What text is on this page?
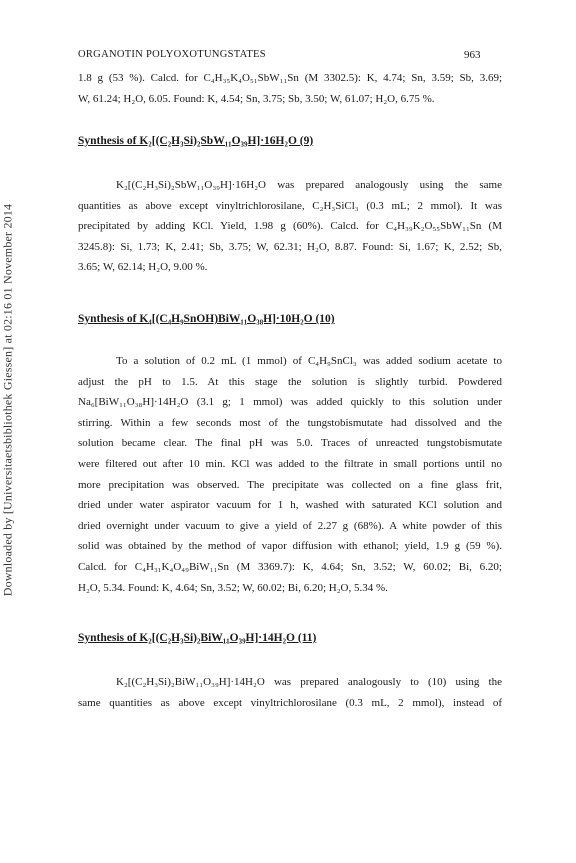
Downloaded by [Universitaetsbibliothek Giessen] at 02:16 01 November 2014
ORGANOTIN POLYOXOTUNGSTATES	963

1.8 g (53 %). Calcd. for C₄H₃₅K₄O₅₁SbW₁₁Sn (M 3302.5): K, 4.74; Sn, 3.59; Sb, 3.69;
W, 61.24; H₂O, 6.05. Found: K, 4.54; Sn, 3.75; Sb, 3.50; W, 61.07; H₂O, 6.75 %.

Synthesis of K₂[(C₂H₃Si)₂SbW₁₁O₃₉H]·16H₂O (9)

K₂[(C₂H₃Si)₂SbW₁₁O₃₉H]·16H₂O was prepared analogously using the same
quantities as above except vinyltrichlorosilane, C₂H₃SiCl₃ (0.3 mL; 2 mmol). It was
precipitated by adding KCl. Yield, 1.98 g (60%). Calcd. for C₄H₃₉K₂O₅₅SbW₁₁Sn (M
3245.8): Si, 1.73; K, 2.41; Sb, 3.75; W, 62.31; H₂O, 8.87. Found: Si, 1.67; K, 2.52; Sb,
3.65; W, 62.14; H₂O, 9.00 %.

Synthesis of K₄[(C₄H₉SnOH)BiW₁₁O₃₈H]·10H₂O (10)

To a solution of 0.2 mL (1 mmol) of C₄H₉SnCl₃ was added sodium acetate to
adjust the pH to 1.5. At this stage the solution is slightly turbid. Powdered
Na₆[BiW₁₁O₃₈H]·14H₂O (3.1 g; 1 mmol) was added quickly to this solution under
stirring. Within a few seconds most of the tungstobismutate had dissolved and the
solution became clear. The final pH was 5.0. Traces of unreacted tungstobismutate
were filtered out after 10 min. KCl was added to the filtrate in small portions until no
more precipitation was observed. The precipitate was collected on a fine glass frit,
dried under water aspirator vacuum for 1 h, washed with saturated KCl solution and
dried overnight under vacuum to give a yield of 2.27 g (68%). A white powder of this
solid was obtained by the method of vapor diffusion with ethanol; yield, 1.9 g (59 %).
Calcd. for C₄H₃₁K₄O₄₉BiW₁₁Sn (M 3369.7): K, 4.64; Sn, 3.52; W, 60.02; Bi, 6.20;
H₂O, 5.34. Found: K, 4.64; Sn, 3.52; W, 60.02; Bi, 6.20; H₂O, 5.34 %.

Synthesis of K₂[(C₂H₃Si)₂BiW₁₁O₃₉H]·14H₂O (11)

K₂[(C₂H₃Si)₂BiW₁₁O₃₉H]·14H₂O was prepared analogously to (10) using the
same quantities as above except vinyltrichlorosilane (0.3 mL, 2 mmol), instead of
